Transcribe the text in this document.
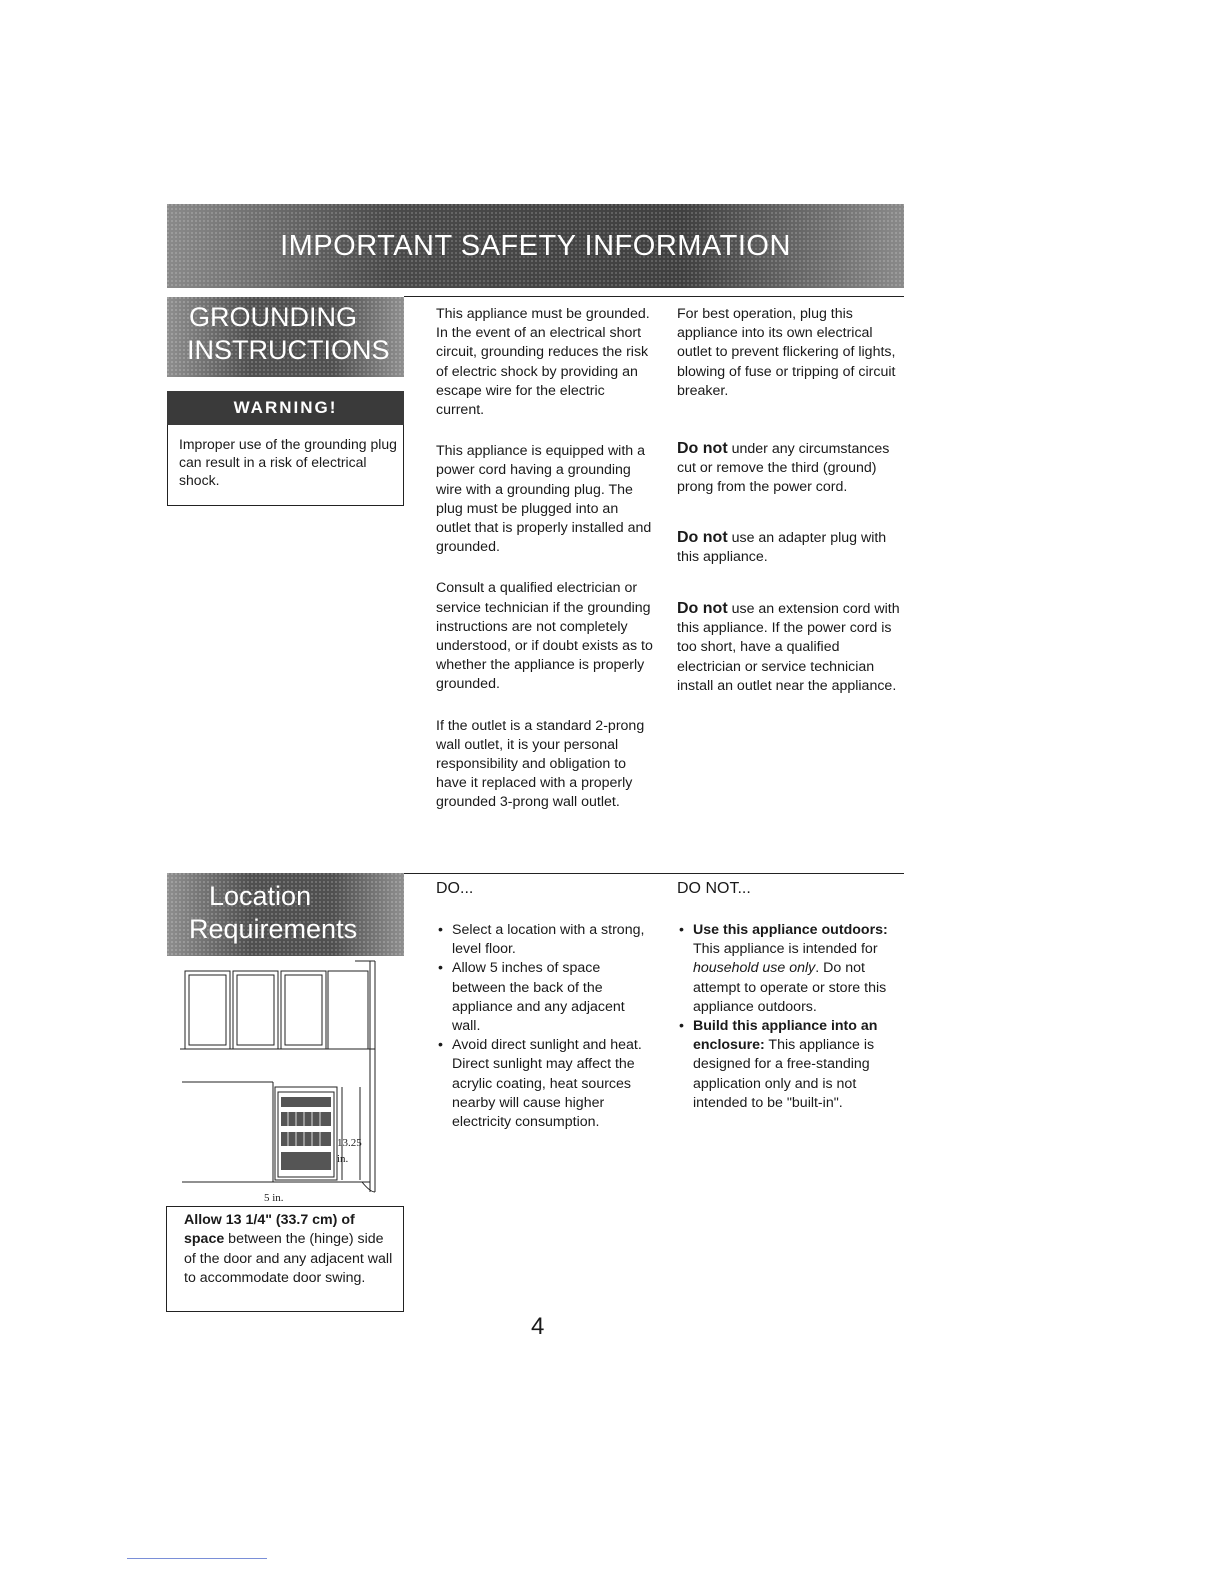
IMPORTANT SAFETY INFORMATION
GROUNDING
INSTRUCTIONS
WARNING!
Improper use of the grounding plug can result in a risk of electrical shock.

This appliance must be grounded. In the event of an electrical short circuit, grounding reduces the risk of electric shock by providing an escape wire for the electric current.

This appliance is equipped with a power cord having a grounding wire with a grounding plug. The plug must be plugged into an outlet that is properly installed and grounded.

Consult a qualified electrician or service technician if the grounding instructions are not completely understood, or if doubt exists as to whether the appliance is properly grounded.

If the outlet is a standard 2-prong wall outlet, it is your personal responsibility and obligation to have it replaced with a properly grounded 3-prong wall outlet.

For best operation, plug this appliance into its own electrical outlet to prevent flickering of lights, blowing of fuse or tripping of circuit breaker.

Do not under any circumstances cut or remove the third (ground) prong from the power cord.

Do not use an adapter plug with this appliance.

Do not use an extension cord with this appliance. If the power cord is too short, have a qualified electrician or service technician install an outlet near the appliance.

Location
Requirements
13.25 in.
5 in.
Allow 13 1/4" (33.7 cm) of space between the (hinge) side of the door and any adjacent wall to accommodate door swing.
DO...
• Select a location with a strong, level floor.
• Allow 5 inches of space between the back of the appliance and any adjacent wall.
• Avoid direct sunlight and heat. Direct sunlight may affect the acrylic coating, heat sources nearby will cause higher electricity consumption.
DO NOT...
• Use this appliance outdoors: This appliance is intended for household use only. Do not attempt to operate or store this appliance outdoors.
• Build this appliance into an enclosure: This appliance is designed for a free-standing application only and is not intended to be "built-in".
4
